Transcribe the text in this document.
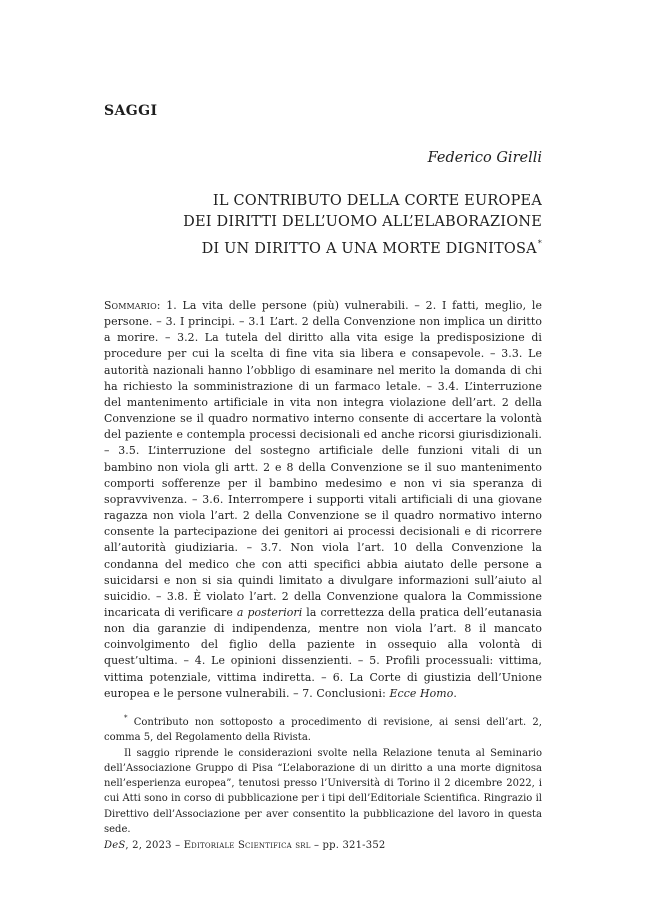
SAGGI
Federico Girelli
IL CONTRIBUTO DELLA CORTE EUROPEA
DEI DIRITTI DELL’UOMO ALL’ELABORAZIONE
DI UN DIRITTO A UNA MORTE DIGNITOSA*
Sommario: 1. La vita delle persone (più) vulnerabili. – 2. I fatti, meglio, le persone. – 3. I principi. – 3.1 L’art. 2 della Convenzione non implica un diritto a morire. – 3.2. La tutela del diritto alla vita esige la predisposizione di procedure per cui la scelta di fine vita sia libera e consapevole. – 3.3. Le autorità nazionali hanno l’obbligo di esaminare nel merito la domanda di chi ha richiesto la somministrazione di un farmaco letale. – 3.4. L’interruzione del mantenimento artificiale in vita non integra violazione dell’art. 2 della Convenzione se il quadro normativo interno consente di accertare la volontà del paziente e contempla processi decisionali ed anche ricorsi giurisdizionali. – 3.5. L’interruzione del sostegno artificiale delle funzioni vitali di un bambino non viola gli artt. 2 e 8 della Convenzione se il suo mantenimento comporti sofferenze per il bambino medesimo e non vi sia speranza di sopravvivenza. – 3.6. Interrompere i supporti vitali artificiali di una giovane ragazza non viola l’art. 2 della Convenzione se il quadro normativo interno consente la partecipazione dei genitori ai processi decisionali e di ricorrere all’autorità giudiziaria. – 3.7. Non viola l’art. 10 della Convenzione la condanna del medico che con atti specifici abbia aiutato delle persone a suicidarsi e non si sia quindi limitato a divulgare informazioni sull’aiuto al suicidio. – 3.8. È violato l’art. 2 della Convenzione qualora la Commissione incaricata di verificare a posteriori la correttezza della pratica dell’eutanasia non dia garanzie di indipendenza, mentre non viola l’art. 8 il mancato coinvolgimento del figlio della paziente in ossequio alla volontà di quest’ultima. – 4. Le opinioni dissenzienti. – 5. Profili processuali: vittima, vittima potenziale, vittima indiretta. – 6. La Corte di giustizia dell’Unione europea e le persone vulnerabili. – 7. Conclusioni: Ecce Homo.

* Contributo non sottoposto a procedimento di revisione, ai sensi dell’art. 2, comma 5, del Regolamento della Rivista.

Il saggio riprende le considerazioni svolte nella Relazione tenuta al Seminario dell’Associazione Gruppo di Pisa “L’elaborazione di un diritto a una morte dignitosa nell’esperienza europea”, tenutosi presso l’Università di Torino il 2 dicembre 2022, i cui Atti sono in corso di pubblicazione per i tipi dell’Editoriale Scientifica. Ringrazio il Direttivo dell’Associazione per aver consentito la pubblicazione del lavoro in questa sede.

DeS, 2, 2023 – Editoriale Scientifica srl – pp. 321-352
